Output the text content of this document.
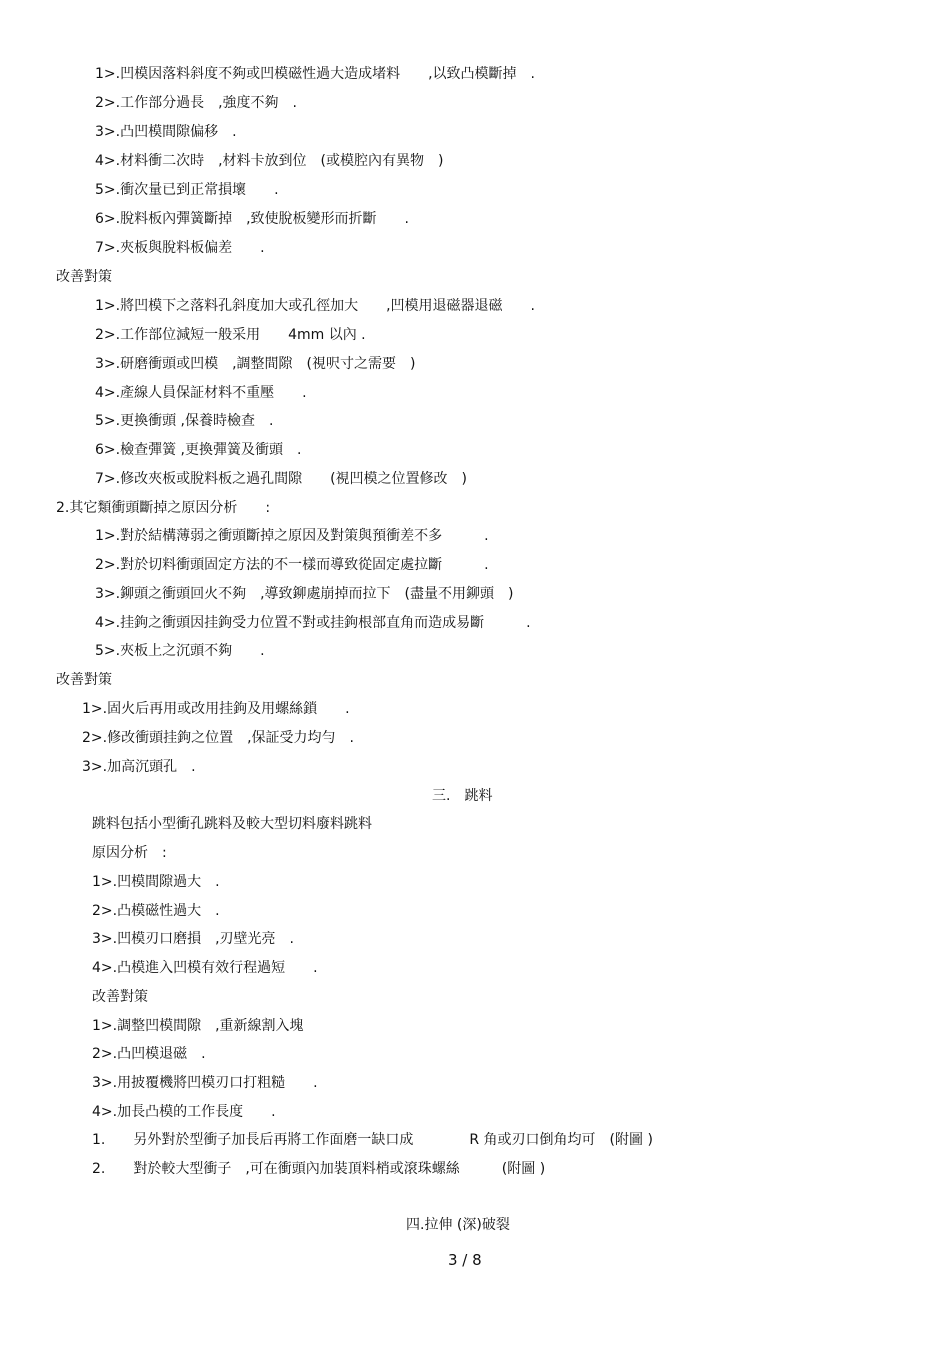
1>.凹模因落料斜度不夠或凹模磁性過大造成堵料　　,以致凸模斷掉　.
2>.工作部分過長　,強度不夠　.
3>.凸凹模間隙偏移　.
4>.材料衝二次時　,材料卡放到位　(或模腔內有異物　)
5>.衝次量已到正常損壞　　.
6>.脫料板內彈簧斷掉　,致使脫板變形而折斷　　.
7>.夾板與脫料板偏差　　.
改善對策
1>.將凹模下之落料孔斜度加大或孔徑加大　　,凹模用退磁器退磁　　.
2>.工作部位減短一般采用　　4mm 以內 .
3>.研磨衝頭或凹模　,調整間隙　(視呎寸之需要　)
4>.產線人員保証材料不重壓　　.
5>.更換衝頭 ,保養時檢查　.
6>.檢查彈簧 ,更換彈簧及衝頭　.
7>.修改夾板或脫料板之過孔間隙　　(視凹模之位置修改　)
2.其它類衝頭斷掉之原因分析　　:
1>.對於結構薄弱之衝頭斷掉之原因及對策與預衝差不多　　　.
2>.對於切料衝頭固定方法的不一樣而導致從固定處拉斷　　　.
3>.鉚頭之衝頭回火不夠　,導致鉚處崩掉而拉下　(盡量不用鉚頭　)
4>.挂鉤之衝頭因挂鉤受力位置不對或挂鉤根部直角而造成易斷　　　.
5>.夾板上之沉頭不夠　　.
改善對策
1>.固火后再用或改用挂鉤及用螺絲鎖　　.
2>.修改衝頭挂鉤之位置　,保証受力均勻　.
3>.加高沉頭孔　.
三.　跳料
跳料包括小型衝孔跳料及較大型切料廢料跳料
原因分析　:
1>.凹模間隙過大　.
2>.凸模磁性過大　.
3>.凹模刃口磨損　,刃壁光亮　.
4>.凸模進入凹模有效行程過短　　.
改善對策
1>.調整凹模間隙　,重新線割入塊
2>.凸凹模退磁　.
3>.用披覆機將凹模刃口打粗糙　　.
4>.加長凸模的工作長度　　.
1.　　另外對於型衝子加長后再將工作面磨一缺口成　　　　R 角或刃口倒角均可　(附圖 )
2.　　對於較大型衝子　,可在衝頭內加裝頂料梢或滾珠螺絲　　　(附圖 )
四.拉伸 (深)破裂
3 / 8
